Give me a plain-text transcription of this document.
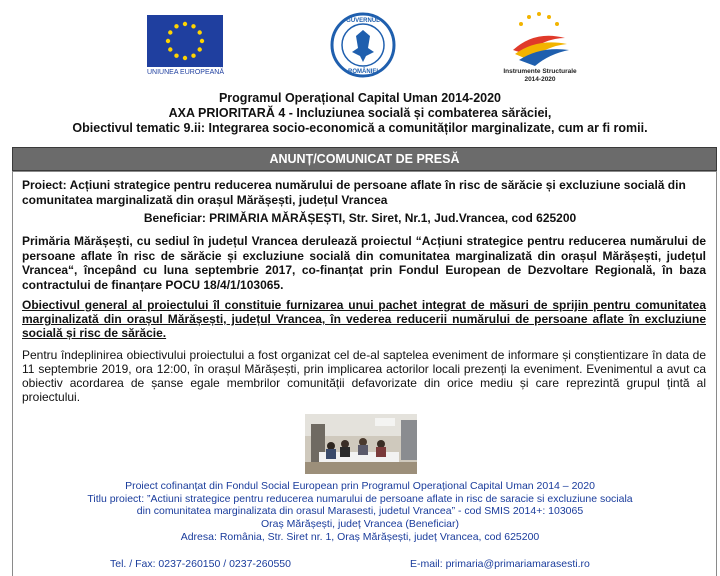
UNIUNEA EUROPEANĂ
GUVERNUL
ROMÂNIEI	Instrumente Structurale
2014-2020
Programul Operațional Capital Uman 2014-2020
AXA PRIORITARĂ 4 - Incluziunea socială și combaterea sărăciei,
Obiectivul tematic 9.ii: Integrarea socio-economică a comunităților marginalizate, cum ar fi romii.
ANUNȚ/COMUNICAT DE PRESĂ
Proiect: Acțiuni strategice pentru reducerea numărului de persoane aflate în risc de sărăcie și excluziune socială din comunitatea marginalizată din orașul Mărășești, județul Vrancea
Beneficiar: PRIMĂRIA MĂRĂȘEȘTI, Str. Siret, Nr.1, Jud.Vrancea, cod 625200
Primăria Mărășești, cu sediul în județul Vrancea derulează proiectul “Acțiuni strategice pentru reducerea numărului de persoane aflate în risc de sărăcie și excluziune socială din comunitatea marginalizată din orașul Mărășești, județul Vrancea“, începând cu luna septembrie 2017, co-finanțat prin Fondul European de Dezvoltare Regională, în baza contractului de finanțare POCU 18/4/1/103065.
Obiectivul general al proiectului îl constituie furnizarea unui pachet integrat de măsuri de sprijin pentru comunitatea marginalizată din orașul Mărășești, județul Vrancea, în vederea reducerii numărului de persoane aflate în excluziune socială și risc de sărăcie.
Pentru îndeplinirea obiectivului proiectului a fost organizat cel de-al saptelea eveniment de informare și conștientizare în data de 11 septembrie 2019, ora 12:00, în orașul Mărășești, prin implicarea actorilor locali prezenți la eveniment. Evenimentul a avut ca obiectiv acordarea de șanse egale membrilor comunității defavorizate din orice mediu și care reprezintă grupul țintă al proiectului.
Proiect cofinanțat din Fondul Social European prin Programul Operațional Capital Uman 2014 – 2020
Titlu proiect: ”Actiuni strategice pentru reducerea numarului de persoane aflate in risc de saracie si excluziune sociala
din comunitatea marginalizata din orasul Marasesti, judetul Vrancea” - cod SMIS 2014+: 103065
Oraș Mărășești, județ Vrancea (Beneficiar)
Adresa: România, Str. Siret nr. 1, Oraș Mărășești, județ Vrancea, cod 625200
Tel. / Fax: 0237-260150 / 0237-260550	E-mail: primaria@primariamarasesti.ro
